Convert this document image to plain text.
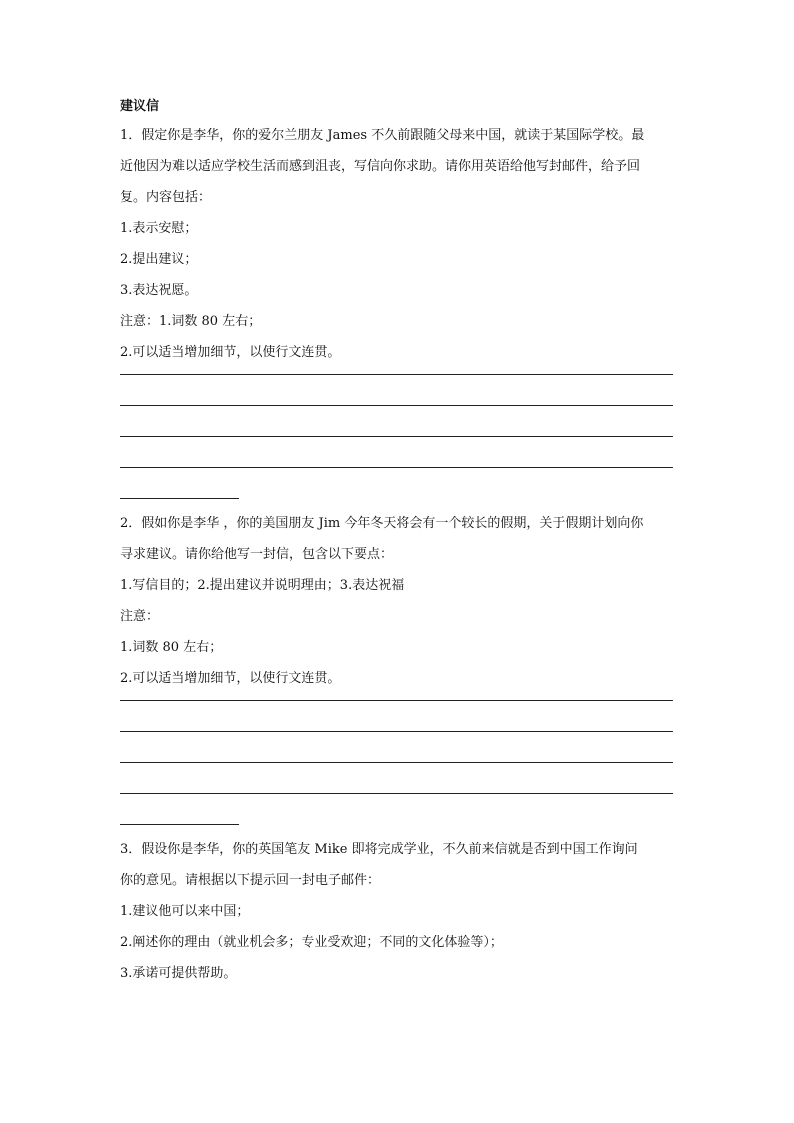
建议信

1．假定你是李华，你的爱尔兰朋友 James 不久前跟随父母来中国，就读于某国际学校。最

近他因为难以适应学校生活而感到沮丧，写信向你求助。请你用英语给他写封邮件，给予回

复。内容包括：

1.表示安慰；

2.提出建议；

3.表达祝愿。

注意：1.词数 80 左右；

2.可以适当增加细节，以使行文连贯。

2．假如你是李华 ，你的美国朋友 Jim 今年冬天将会有一个较长的假期，关于假期计划向你

寻求建议。请你给他写一封信，包含以下要点：

1.写信目的；2.提出建议并说明理由；3.表达祝福

注意：

1.词数 80 左右；

2.可以适当增加细节，以使行文连贯。

3．假设你是李华，你的英国笔友 Mike 即将完成学业，不久前来信就是否到中国工作询问

你的意见。请根据以下提示回一封电子邮件：

1.建议他可以来中国；

2.阐述你的理由（就业机会多；专业受欢迎；不同的文化体验等）；

3.承诺可提供帮助。
